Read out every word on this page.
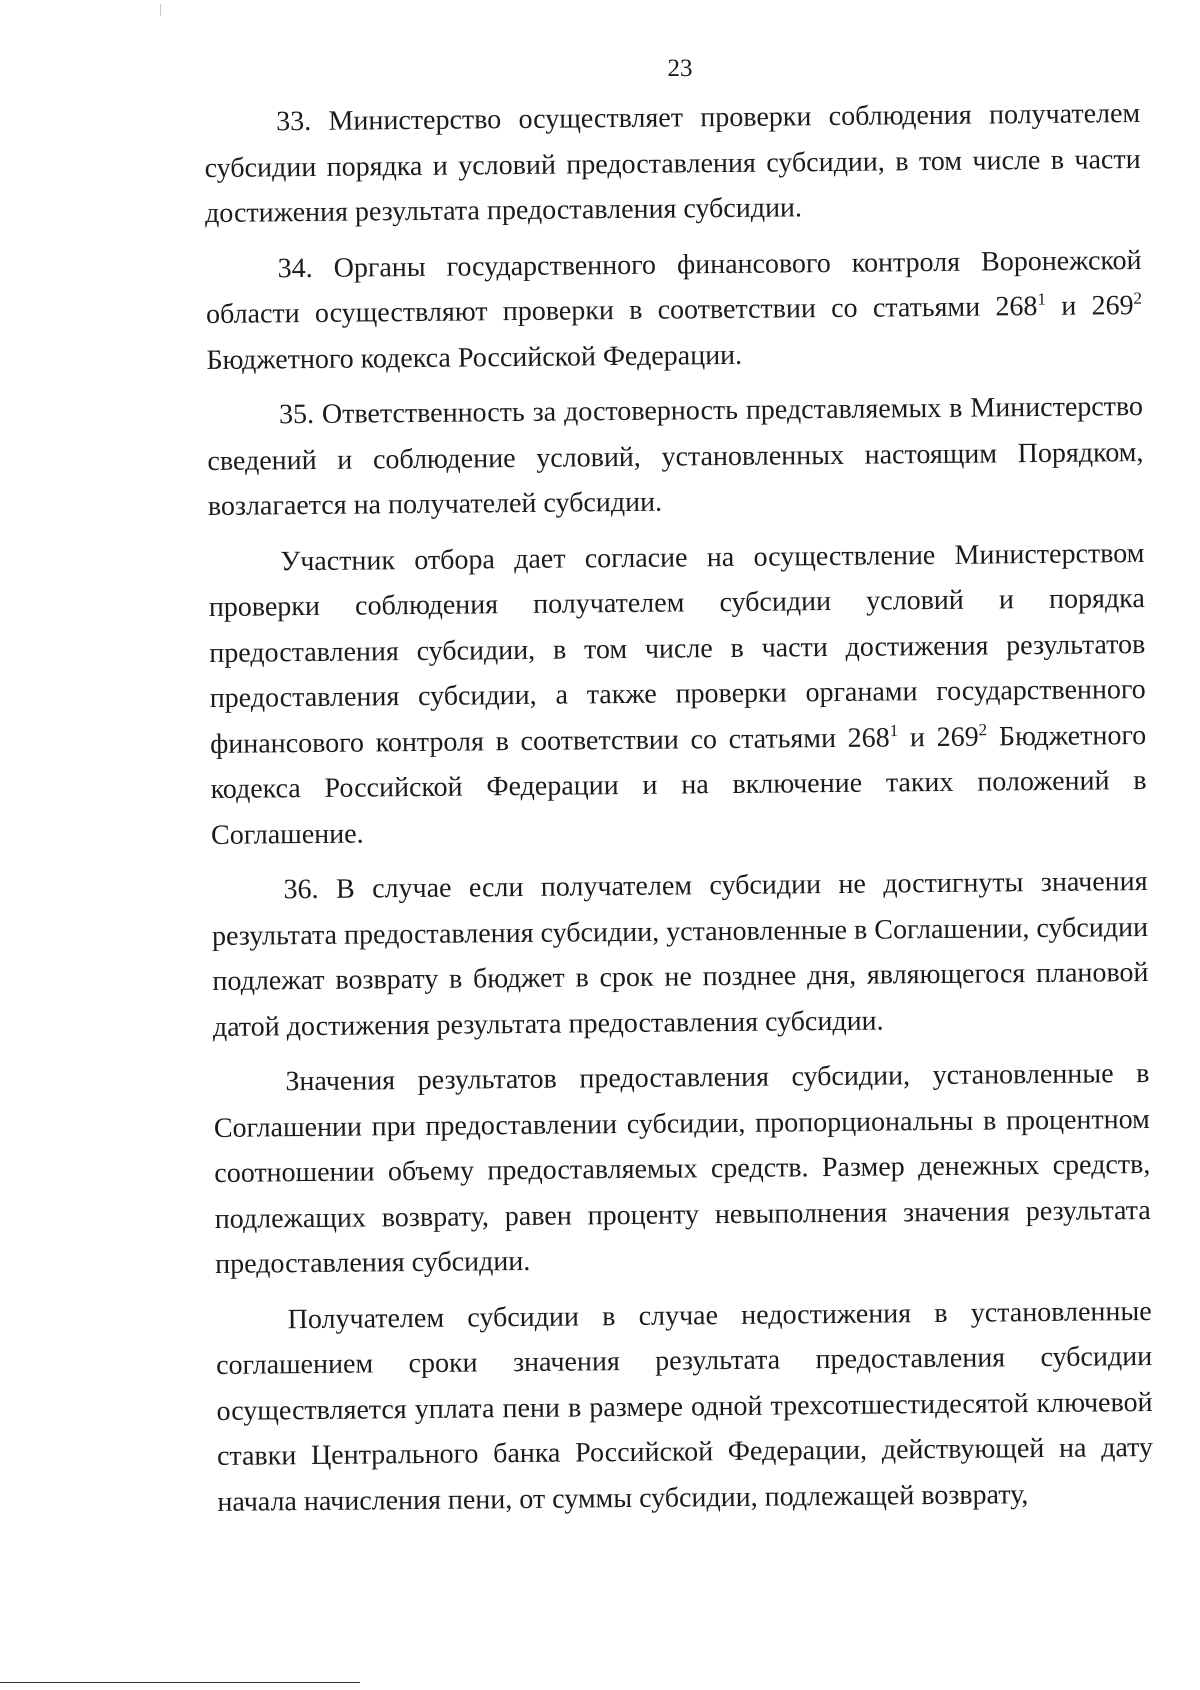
23

33. Министерство осуществляет проверки соблюдения получателем субсидии порядка и условий предоставления субсидии, в том числе в части достижения результата предоставления субсидии.

34. Органы государственного финансового контроля Воронежской области осуществляют проверки в соответствии со статьями $268^1$ и $269^2$ Бюджетного кодекса Российской Федерации.

35. Ответственность за достоверность представляемых в Министерство сведений и соблюдение условий, установленных настоящим Порядком, возлагается на получателей субсидии.

Участник отбора дает согласие на осуществление Министерством проверки соблюдения получателем субсидии условий и порядка предоставления субсидии, в том числе в части достижения результатов предоставления субсидии, а также проверки органами государственного финансового контроля в соответствии со статьями $268^1$ и $269^2$ Бюджетного кодекса Российской Федерации и на включение таких положений в Соглашение.

36. В случае если получателем субсидии не достигнуты значения результата предоставления субсидии, установленные в Соглашении, субсидии подлежат возврату в бюджет в срок не позднее дня, являющегося плановой датой достижения результата предоставления субсидии.

Значения результатов предоставления субсидии, установленные в Соглашении при предоставлении субсидии, пропорциональны в процентном соотношении объему предоставляемых средств. Размер денежных средств, подлежащих возврату, равен проценту невыполнения значения результата предоставления субсидии.

Получателем субсидии в случае недостижения в установленные соглашением сроки значения результата предоставления субсидии осуществляется уплата пени в размере одной трехсотшестидесятой ключевой ставки Центрального банка Российской Федерации, действующей на дату начала начисления пени, от суммы субсидии, подлежащей возврату,
